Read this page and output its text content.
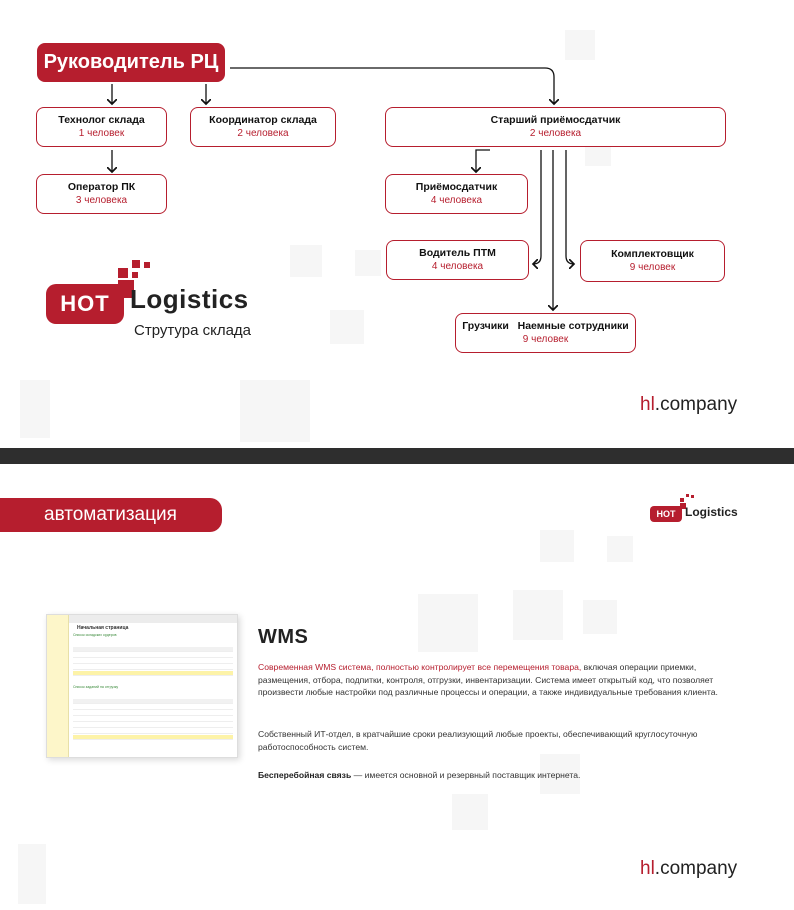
Руководитель РЦ
Технолог склада
1 человек
Координатор склада
2 человека
Старший приёмосдатчик
2 человека
Оператор ПК
3 человека
Приёмосдатчик
4 человека
Водитель ПТМ
4 человека
Комплектовщик
9 человек
Грузчики   Наемные сотрудники
9 человек
HOT Logistics
Струтура склада
hl.company
автоматизация	HOT Logistics
Начальная страница
Список складских ордеров
Список заданий на отгрузку
WMS
Современная WMS система, полностью контролирует все перемещения товара, включая операции приемки, размещения, отбора, подпитки, контроля, отгрузки, инвентаризации. Система имеет открытый код, что позволяет произвести любые настройки под различные процессы и операции, а также индивидуальные требования клиента.
Собственный ИТ-отдел, в кратчайшие сроки реализующий любые проекты, обеспечивающий круглосуточную работоспособность систем.
Бесперебойная связь — имеется основной и резервный поставщик интернета.
hl.company
